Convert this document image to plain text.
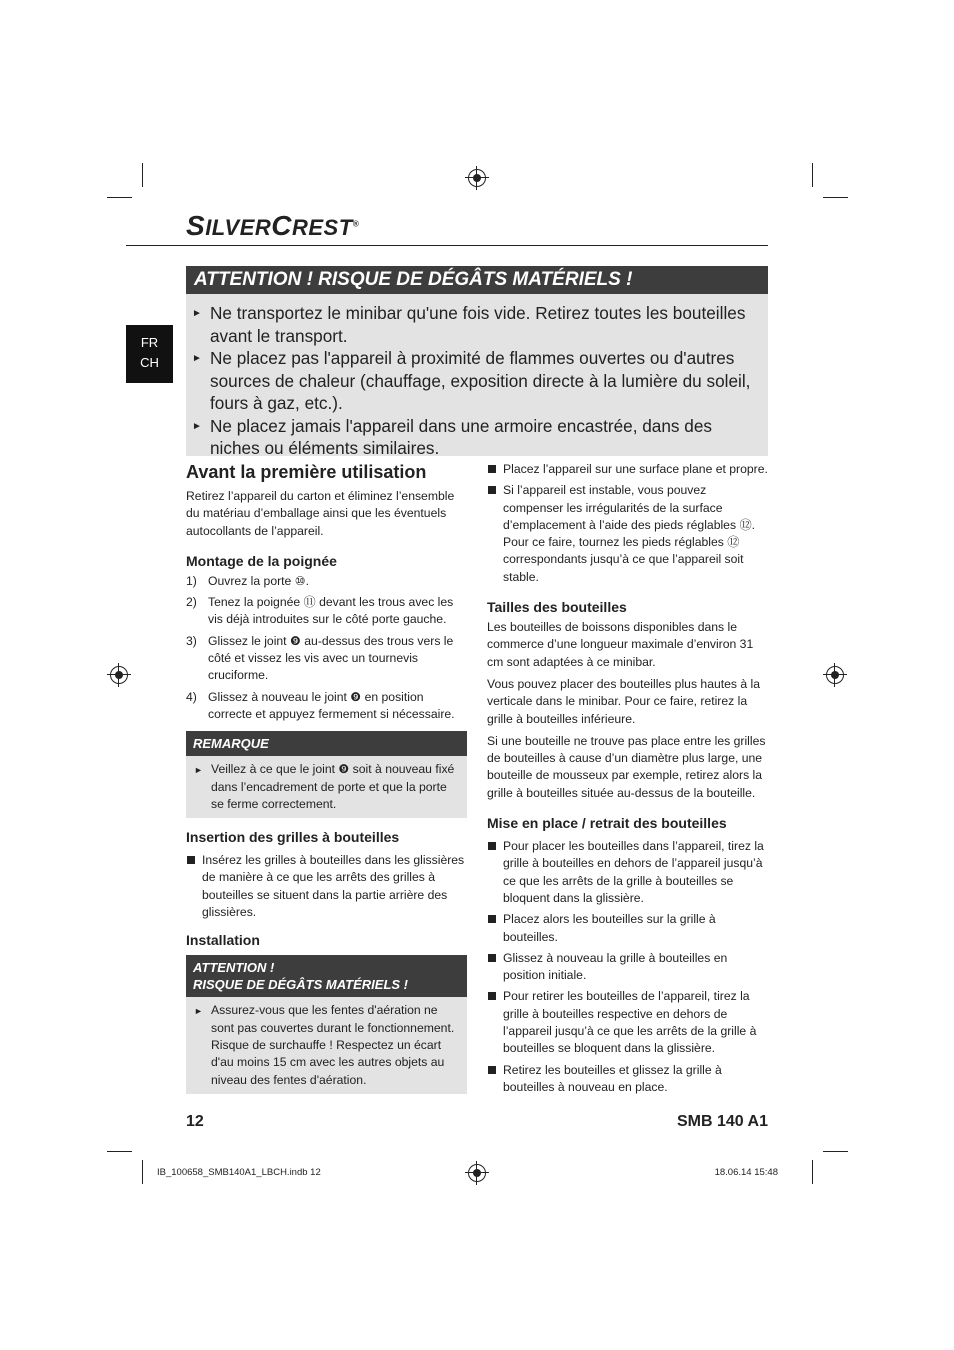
SILVERCREST®
FR
CH
ATTENTION ! RISQUE DE DÉGÂTS MATÉRIELS !
► Ne transportez le minibar qu'une fois vide. Retirez toutes les bouteilles avant le transport.
► Ne placez pas l'appareil à proximité de flammes ouvertes ou d'autres sources de chaleur (chauffage, exposition directe à la lumière du soleil, fours à gaz, etc.).
► Ne placez jamais l'appareil dans une armoire encastrée, dans des niches ou éléments similaires.
Avant la première utilisation

Retirez l’appareil du carton et éliminez l’ensemble du matériau d’emballage ainsi que les éventuels autocollants de l’appareil.

Montage de la poignée
1) Ouvrez la porte ⑩.
2) Tenez la poignée ⑪ devant les trous avec les vis déjà introduites sur le côté porte gauche.
3) Glissez le joint ❾ au-dessus des trous vers le côté et vissez les vis avec un tournevis cruciforme.
4) Glissez à nouveau le joint ❾ en position correcte et appuyez fermement si nécessaire.
REMARQUE
► Veillez à ce que le joint ❾ soit à nouveau fixé dans l’encadrement de porte et que la porte se ferme correctement.
Insertion des grilles à bouteilles
Insérez les grilles à bouteilles dans les glissières de manière à ce que les arrêts des grilles à bouteilles se situent dans la partie arrière des glissières.
Installation
ATTENTION !
RISQUE DE DÉGÂTS MATÉRIELS !
► Assurez-vous que les fentes d'aération ne sont pas couvertes durant le fonctionnement. Risque de surchauffe ! Respectez un écart d'au moins 15 cm avec les autres objets au niveau des fentes d'aération.
Placez l’appareil sur une surface plane et propre.
Si l’appareil est instable, vous pouvez compenser les irrégularités de la surface d’emplacement à l’aide des pieds réglables ⑫. Pour ce faire, tournez les pieds réglables ⑫ correspondants jusqu’à ce que l’appareil soit stable.
Tailles des bouteilles

Les bouteilles de boissons disponibles dans le commerce d’une longueur maximale d’environ 31 cm sont adaptées à ce minibar.

Vous pouvez placer des bouteilles plus hautes à la verticale dans le minibar. Pour ce faire, retirez la grille à bouteilles inférieure.

Si une bouteille ne trouve pas place entre les grilles de bouteilles à cause d’un diamètre plus large, une bouteille de mousseux par exemple, retirez alors la grille à bouteilles située au-dessus de la bouteille.

Mise en place / retrait des bouteilles
Pour placer les bouteilles dans l’appareil, tirez la grille à bouteilles en dehors de l’appareil jusqu’à ce que les arrêts de la grille à bouteilles se bloquent dans la glissière.
Placez alors les bouteilles sur la grille à bouteilles.
Glissez à nouveau la grille à bouteilles en position initiale.
Pour retirer les bouteilles de l’appareil, tirez la grille à bouteilles respective en dehors de l’appareil jusqu’à ce que les arrêts de la grille à bouteilles se bloquent dans la glissière.
Retirez les bouteilles et glissez la grille à bouteilles à nouveau en place.
12	SMB 140 A1
IB_100658_SMB140A1_LBCH.indb 12	18.06.14 15:48
